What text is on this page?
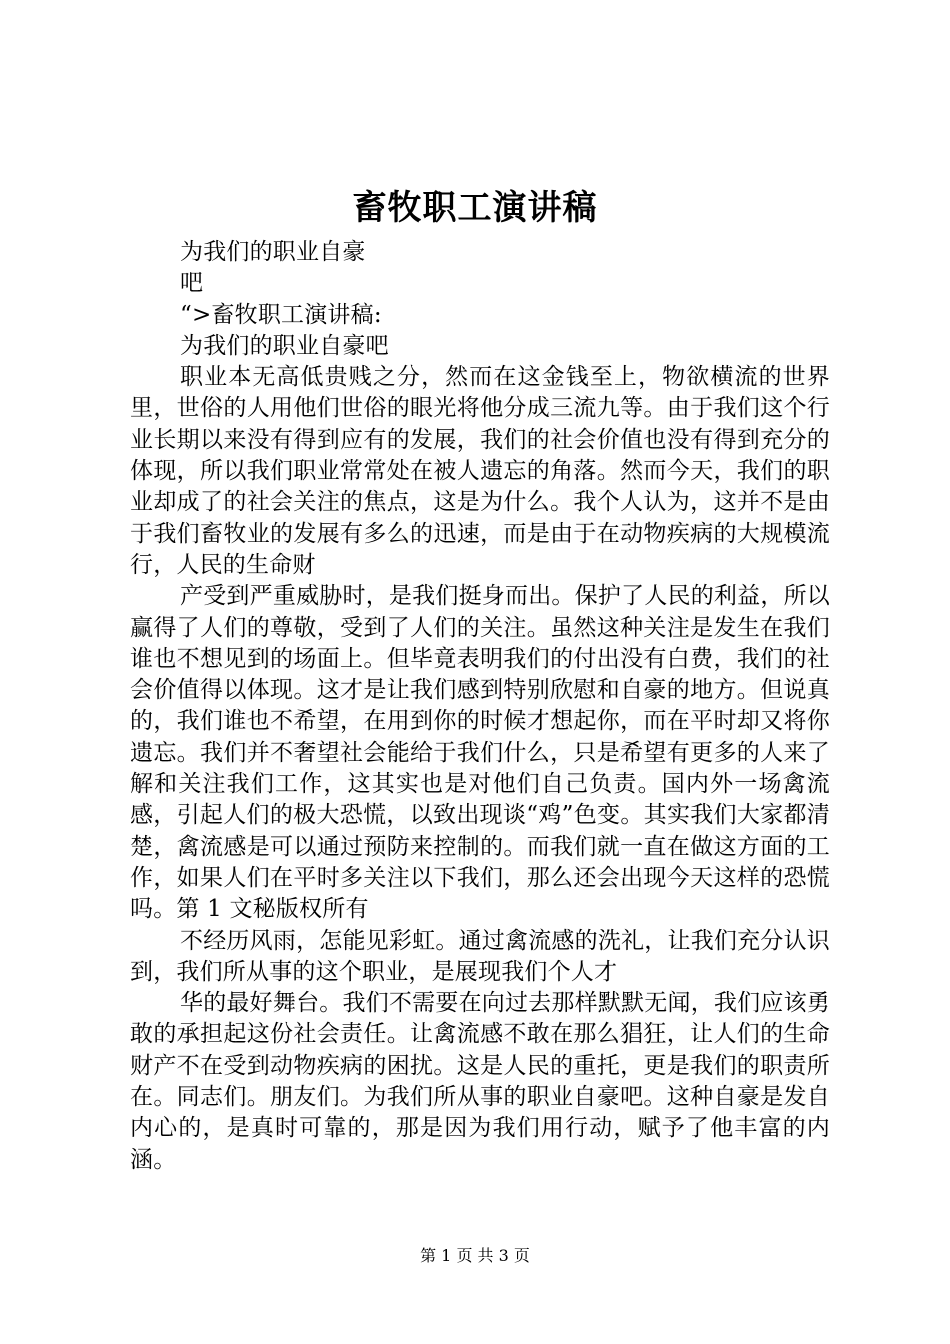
畜牧职工演讲稿

为我们的职业自豪

吧

“>畜牧职工演讲稿:

为我们的职业自豪吧

职业本无高低贵贱之分，然而在这金钱至上，物欲横流的世界里，世俗的人用他们世俗的眼光将他分成三流九等。由于我们这个行业长期以来没有得到应有的发展，我们的社会价值也没有得到充分的体现，所以我们职业常常处在被人遗忘的角落。然而今天，我们的职业却成了的社会关注的焦点，这是为什么。我个人认为，这并不是由于我们畜牧业的发展有多么的迅速，而是由于在动物疾病的大规模流行，人民的生命财

产受到严重威胁时，是我们挺身而出。保护了人民的利益，所以赢得了人们的尊敬，受到了人们的关注。虽然这种关注是发生在我们谁也不想见到的场面上。但毕竟表明我们的付出没有白费，我们的社会价值得以体现。这才是让我们感到特别欣慰和自豪的地方。但说真的，我们谁也不希望，在用到你的时候才想起你，而在平时却又将你遗忘。我们并不奢望社会能给于我们什么，只是希望有更多的人来了解和关注我们工作，这其实也是对他们自己负责。国内外一场禽流感，引起人们的极大恐慌，以致出现谈“鸡”色变。其实我们大家都清楚，禽流感是可以通过预防来控制的。而我们就一直在做这方面的工作，如果人们在平时多关注以下我们，那么还会出现今天这样的恐慌吗。第 1 文秘版权所有

不经历风雨，怎能见彩虹。通过禽流感的洗礼，让我们充分认识到，我们所从事的这个职业，是展现我们个人才

华的最好舞台。我们不需要在向过去那样默默无闻，我们应该勇敢的承担起这份社会责任。让禽流感不敢在那么猖狂，让人们的生命财产不在受到动物疾病的困扰。这是人民的重托，更是我们的职责所在。同志们。朋友们。为我们所从事的职业自豪吧。这种自豪是发自内心的，是真时可靠的，那是因为我们用行动，赋予了他丰富的内涵。

第 1 页 共 3 页
